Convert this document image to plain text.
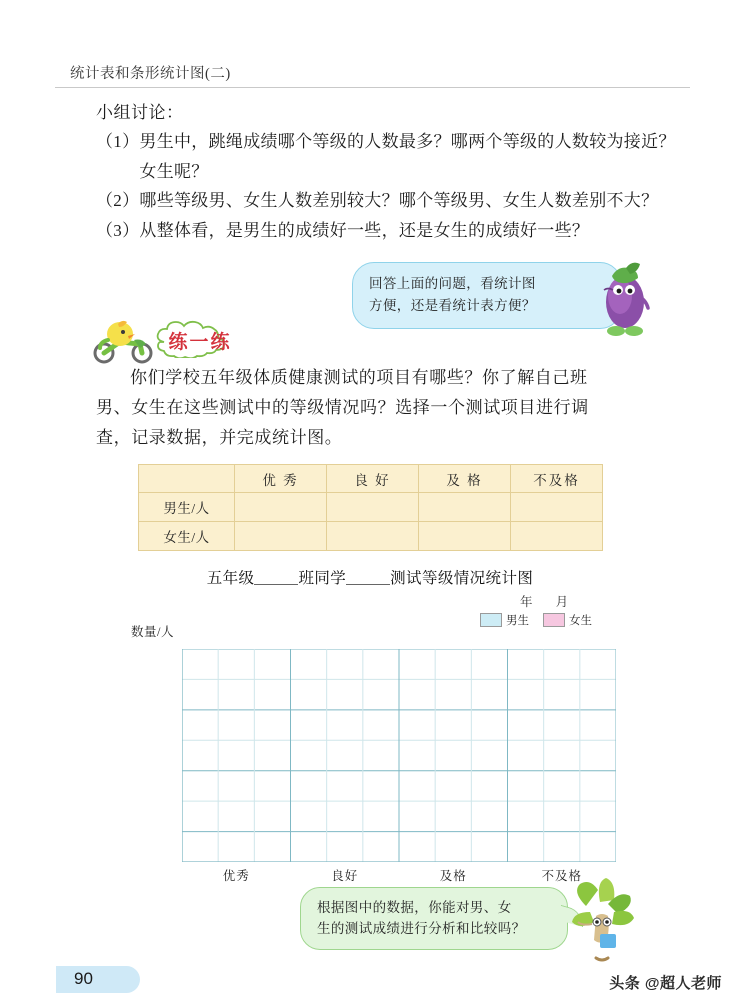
统计表和条形统计图(二)
小组讨论：
（1） 男生中，跳绳成绩哪个等级的人数最多？哪两个等级的人数较为接近？女生呢？
（2） 哪些等级男、女生人数差别较大？哪个等级男、女生人数差别不大？
（3） 从整体看，是男生的成绩好一些，还是女生的成绩好一些？
回答上面的问题，看统计图
方便，还是看统计表方便？
练一练
你们学校五年级体质健康测试的项目有哪些？你了解自己班
男、女生在这些测试中的等级情况吗？选择一个测试项目进行调
查，记录数据，并完成统计图。
	优 秀	良 好	及 格	不及格
男生/人				
女生/人				
五年级	班同学	测试等级情况统计图
年 月
男生	女生
数量/人
优秀	良好	及格	不及格
根据图中的数据，你能对男、女
生的测试成绩进行分析和比较吗？
90	头条 @超人老师
